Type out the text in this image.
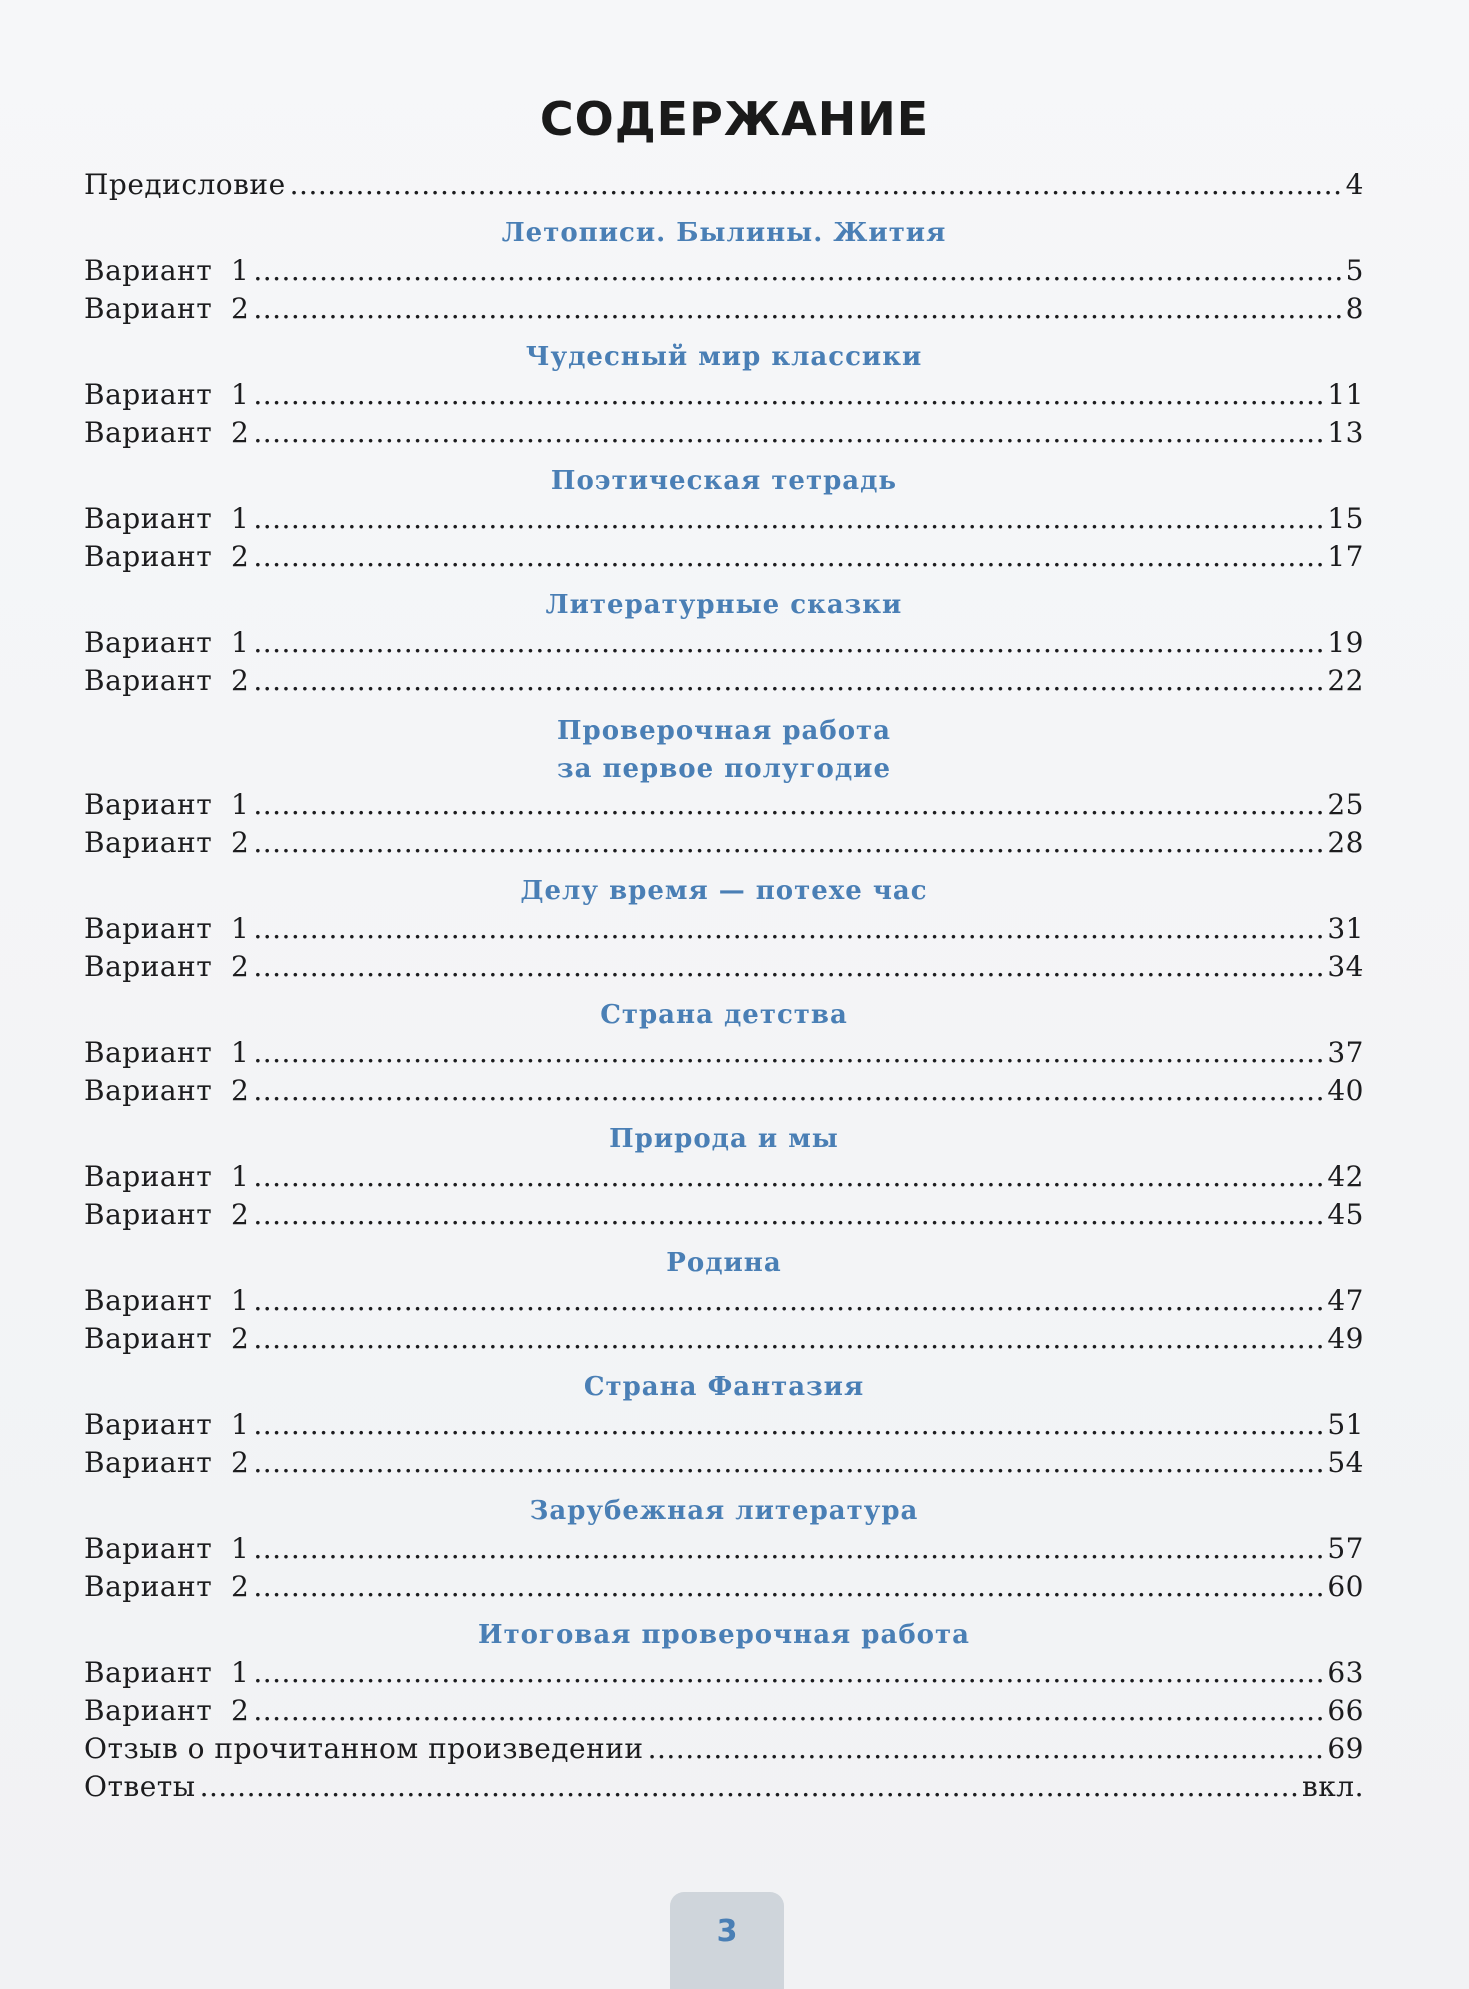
СОДЕРЖАНИЕ
Предисловие .....	4
Летописи. Былины. Жития
Вариант  1 .....	5
Вариант  2 .....	8
Чудесный мир классики
Вариант  1 .....	11
Вариант  2 .....	13
Поэтическая тетрадь
Вариант  1 .....	15
Вариант  2 .....	17
Литературные сказки
Вариант  1 .....	19
Вариант  2 .....	22
Проверочная работа
за первое полугодие
Вариант  1 .....	25
Вариант  2 .....	28
Делу время — потехе час
Вариант  1 .....	31
Вариант  2 .....	34
Страна детства
Вариант  1 .....	37
Вариант  2 .....	40
Природа и мы
Вариант  1 .....	42
Вариант  2 .....	45
Родина
Вариант  1 .....	47
Вариант  2 .....	49
Страна Фантазия
Вариант  1 .....	51
Вариант  2 .....	54
Зарубежная литература
Вариант  1 .....	57
Вариант  2 .....	60
Итоговая проверочная работа
Вариант  1 .....	63
Вариант  2 .....	66
Отзыв о прочитанном произведении .....	69
Ответы .....	вкл.
3
